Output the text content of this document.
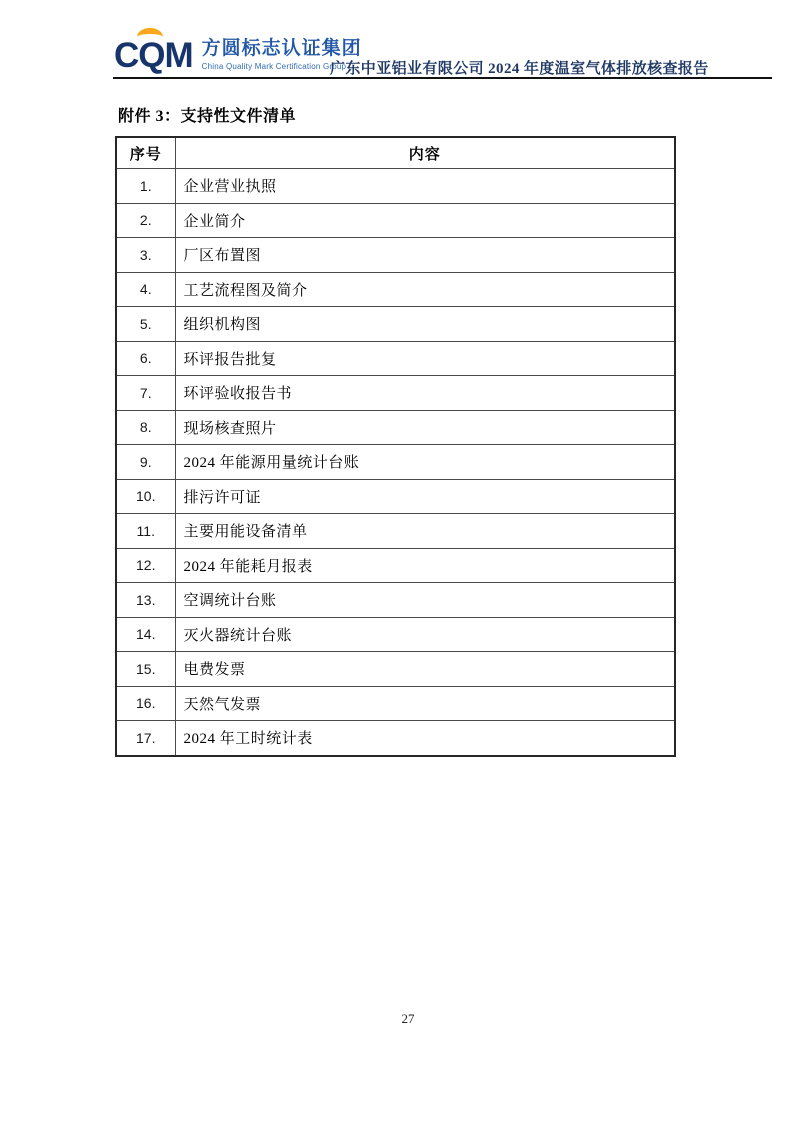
CQM 方圆标志认证集团
China Quality Mark Certification Group
广东中亚铝业有限公司 2024 年度温室气体排放核查报告
附件 3：支持性文件清单
序号	内容
1.	企业营业执照
2.	企业简介
3.	厂区布置图
4.	工艺流程图及简介
5.	组织机构图
6.	环评报告批复
7.	环评验收报告书
8.	现场核查照片
9.	2024 年能源用量统计台账
10.	排污许可证
11.	主要用能设备清单
12.	2024 年能耗月报表
13.	空调统计台账
14.	灭火器统计台账
15.	电费发票
16.	天然气发票
17.	2024 年工时统计表
27
